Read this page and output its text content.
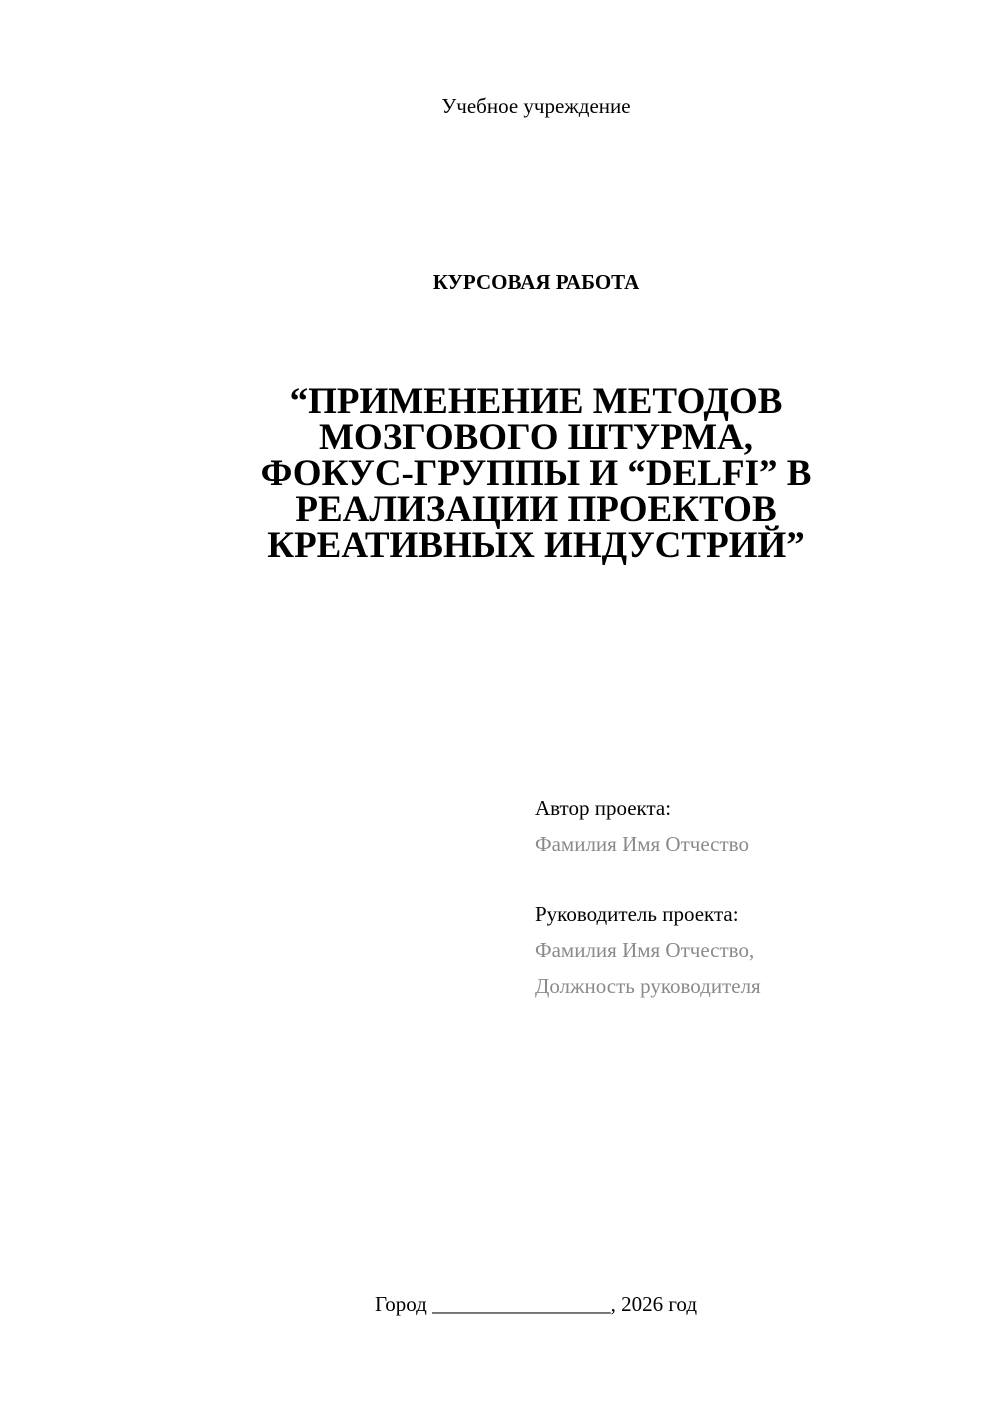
Учебное учреждение
КУРСОВАЯ РАБОТА
“ПРИМЕНЕНИЕ МЕТОДОВ
МОЗГОВОГО ШТУРМА,
ФОКУС-ГРУППЫ И “DELFI” В
РЕАЛИЗАЦИИ ПРОЕКТОВ
КРЕАТИВНЫХ ИНДУСТРИЙ”
Автор проекта:
Фамилия Имя Отчество
Руководитель проекта:
Фамилия Имя Отчество,
Должность руководителя
Город _________________, 2026 год
